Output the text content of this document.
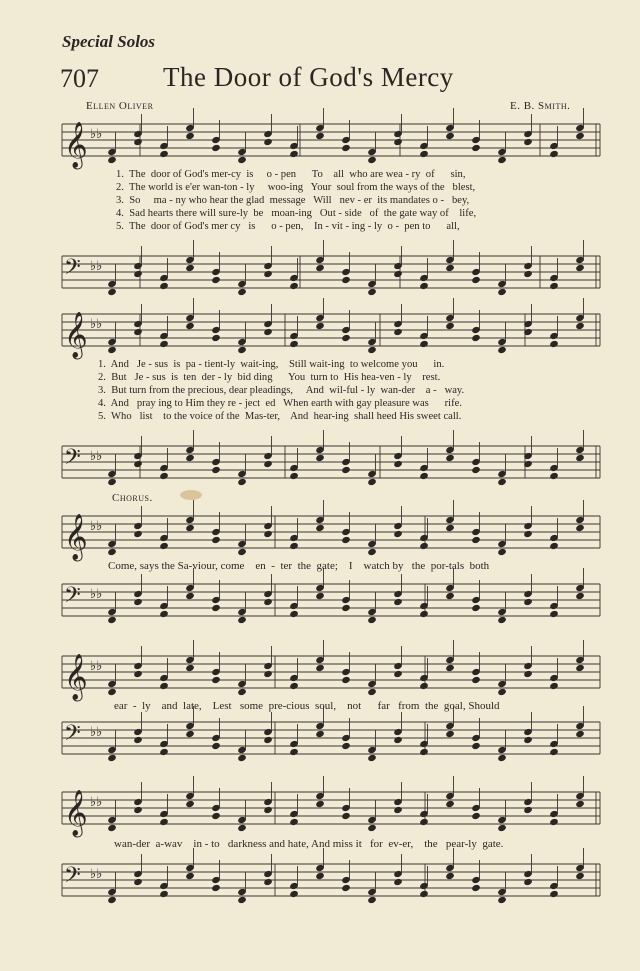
Special Solos
707 The Door of God's Mercy
Ellen Oliver	E. B. Smith.
𝄞 ♭♭
𝄢 ♭♭
𝄞 ♭♭
𝄢 ♭♭
𝄞 ♭♭
𝄢 ♭♭
𝄞 ♭♭
𝄢 ♭♭
𝄞 ♭♭
𝄢 ♭♭
1.  The  door of God's mer-cy  is     o - pen      To    all  who are wea - ry  of      sin,
2.  The world is e'er wan-ton - ly     woo-ing   Your  soul from the ways of the   blest,
3.  So     ma - ny who hear the glad  message   Will   nev - er  its mandates o -   bey,
4.  Sad hearts there will sure-ly  be   moan-ing   Out - side   of  the gate way of    life,
5.  The  door of God's mer cy   is      o - pen,    In - vit - ing - ly  o -  pen to      all,
1.  And   Je - sus  is  pa - tient-ly  wait-ing,    Still wait-ing  to welcome you      in.
2.  But   Je - sus  is  ten  der - ly  bid ding      You  turn to  His hea-ven - ly    rest.
3.  But turn from the precious, dear pleadings,     And  wil-ful - ly  wan-der    a -   way.
4.  And   pray ing to Him they re - ject  ed   When earth with gay pleasure was      rife.
5.  Who   list    to the voice of the  Mas-ter,    And  hear-ing  shall heed His sweet call.
Chorus.
Come, says the Sa-viour, come    en  -  ter  the  gate;    I    watch by   the  por-tals  both
ear  -  ly    and  late,    Lest   some  pre-cious  soul,    not      far   from  the  goal, Should
wan-der  a-wav    in - to   darkness and hate, And miss it   for  ev-er,    the   pear-ly  gate.
